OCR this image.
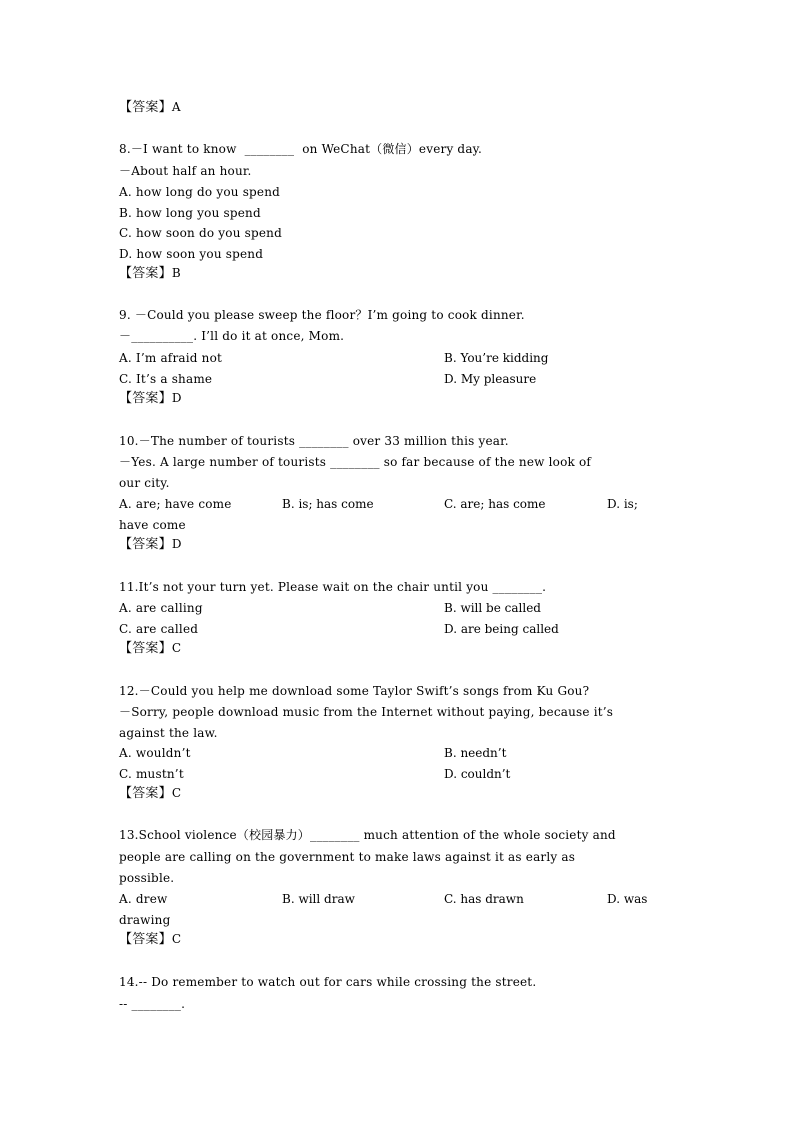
【答案】A
8.－I want to know  ________  on WeChat（微信）every day.
－About half an hour.
A. how long do you spend
B. how long you spend
C. how soon do you spend
D. how soon you spend
【答案】B
9. －Could you please sweep the floor？I’m going to cook dinner.
－__________. I’ll do it at once, Mom.
A. I’m afraid not	B. You’re kidding
C. It’s a shame	D. My pleasure
【答案】D
10.－The number of tourists ________ over 33 million this year.
－Yes. A large number of tourists ________ so far because of the new look of
our city.
A. are; have come	B. is; has come	C. are; has come	D. is;
have come
【答案】D
11.It’s not your turn yet. Please wait on the chair until you ________.
A. are calling	B. will be called
C. are called	D. are being called
【答案】C
12.－Could you help me download some Taylor Swift’s songs from Ku Gou?
－Sorry, people download music from the Internet without paying, because it’s
against the law.
A. wouldn’t	B. needn’t
C. mustn’t	D. couldn’t
【答案】C
13.School violence（校园暴力）________ much attention of the whole society and
people are calling on the government to make laws against it as early as
possible.
A. drew	B. will draw	C. has drawn	D. was
drawing
【答案】C
14.-- Do remember to watch out for cars while crossing the street.
-- ________.
